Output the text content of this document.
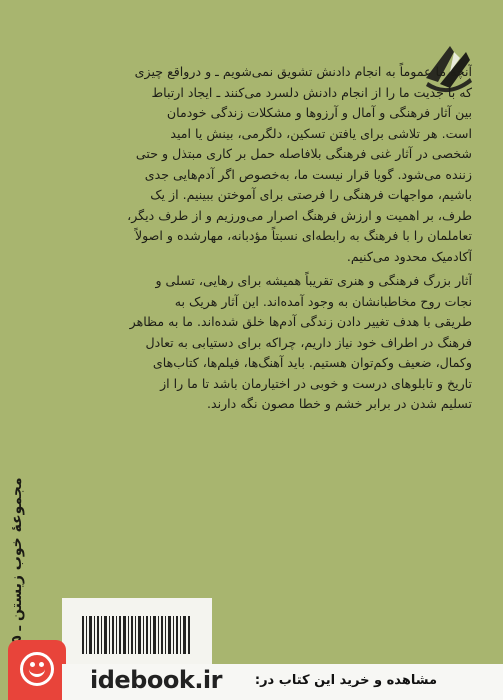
آنچه ما عموماً به انجام دادنش تشویق نمی‌شویم ـ و درواقع چیزی
که با جدیت ما را از انجام دادنش دلسرد می‌کنند ـ ایجاد ارتباط
بین آثار فرهنگی و آمال و آرزوها و مشکلات زندگی خودمان
است. هر تلاشی برای یافتن تسکین، دلگرمی، بینش یا امید
شخصی در آثار غنی فرهنگی بلافاصله حمل بر کاری مبتذل و حتی
زننده می‌شود. گویا قرار نیست ما، به‌خصوص اگر آدم‌هایی جدی
باشیم، مواجهات فرهنگی را فرصتی برای آموختن ببینیم. از یک
طرف، بر اهمیت و ارزش فرهنگ اصرار می‌ورزیم و از طرف دیگر،
تعاملمان را با فرهنگ به رابطه‌ای نسبتاً مؤدبانه، مهارشده و اصولاً
آکادمیک محدود می‌کنیم.
آثار بزرگ فرهنگی و هنری تقریباً همیشه برای رهایی، تسلی و
نجات روح مخاطبانشان به وجود آمده‌اند. این آثار هریک به
طریقی با هدف تغییر دادن زندگی آدم‌ها خلق شده‌اند. ما به مظاهر
فرهنگ در اطراف خود نیاز داریم، چراکه برای دستیابی به تعادل
وکمال، ضعیف وکم‌توان هستیم. باید آهنگ‌ها، فیلم‌ها، کتاب‌های
تاریخ و تابلوهای درست و خوبی در اختیارمان باشد تا ما را از
تسلیم شدن در برابر خشم و خطا مصون نگه دارند.
مجموعهٔ خوب زیستن ـ
idebook.ir	مشاهده و خرید این کتاب در:
